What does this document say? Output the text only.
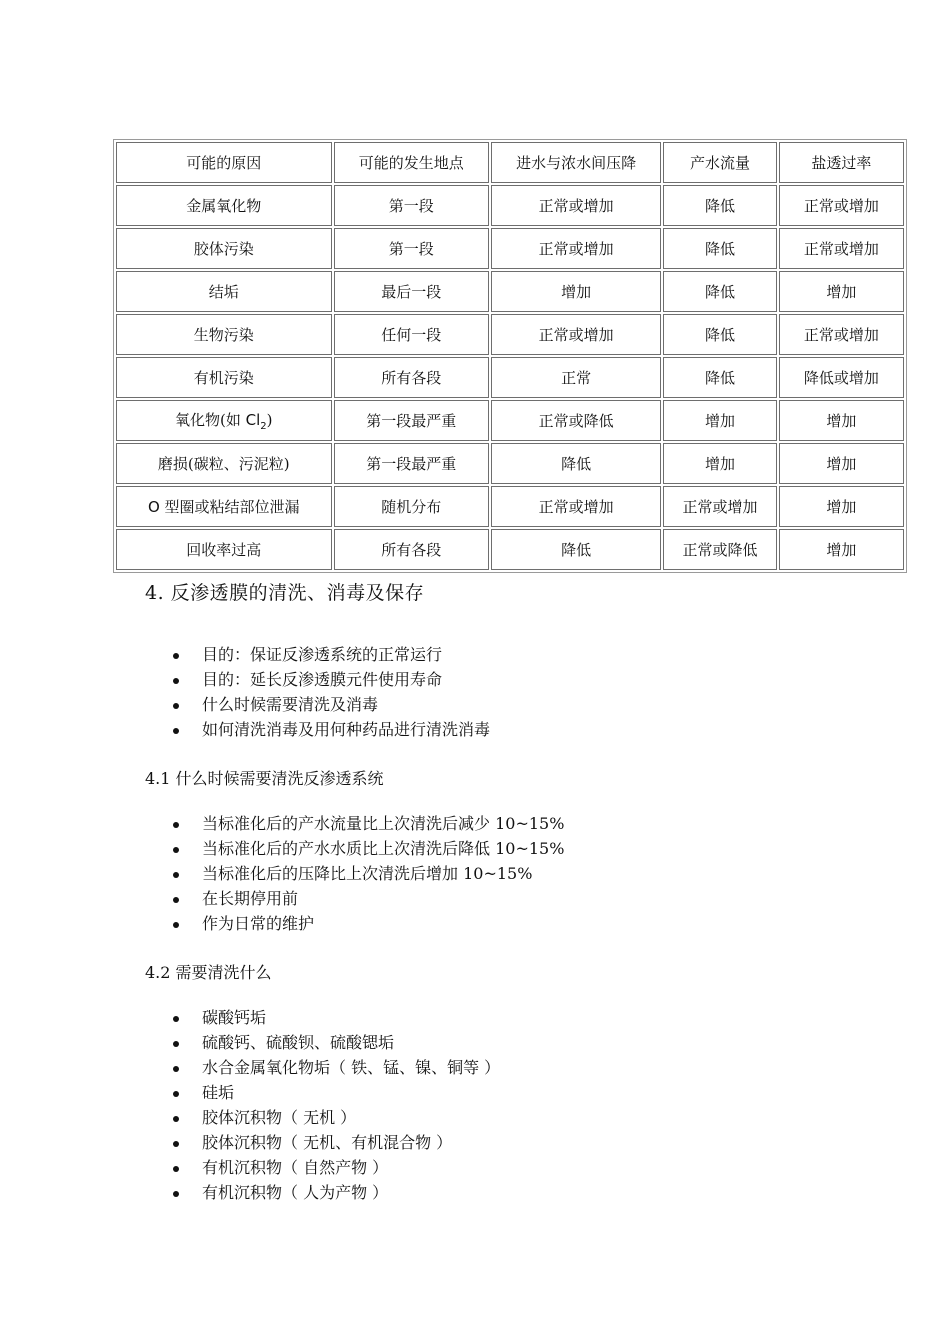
可能的原因	可能的发生地点	进水与浓水间压降	产水流量	盐透过率
金属氧化物	第一段	正常或增加	降低	正常或增加
胶体污染	第一段	正常或增加	降低	正常或增加
结垢	最后一段	增加	降低	增加
生物污染	任何一段	正常或增加	降低	正常或增加
有机污染	所有各段	正常	降低	降低或增加
氧化物(如 $Cl_2$)	第一段最严重	正常或降低	增加	增加
磨损(碳粒、污泥粒)	第一段最严重	降低	增加	增加
O 型圈或粘结部位泄漏	随机分布	正常或增加	正常或增加	增加
回收率过高	所有各段	降低	正常或降低	增加
4. 反渗透膜的清洗、消毒及保存
目的：保证反渗透系统的正常运行
目的：延长反渗透膜元件使用寿命
什么时候需要清洗及消毒
如何清洗消毒及用何种药品进行清洗消毒
4.1 什么时候需要清洗反渗透系统
当标准化后的产水流量比上次清洗后减少 10~15%
当标准化后的产水水质比上次清洗后降低 10~15%
当标准化后的压降比上次清洗后增加 10~15%
在长期停用前
作为日常的维护
4.2 需要清洗什么
碳酸钙垢
硫酸钙、硫酸钡、硫酸锶垢
水合金属氧化物垢（ 铁、锰、镍、铜等 ）
硅垢
胶体沉积物（ 无机 ）
胶体沉积物（ 无机、有机混合物 ）
有机沉积物（ 自然产物 ）
有机沉积物（ 人为产物 ）
